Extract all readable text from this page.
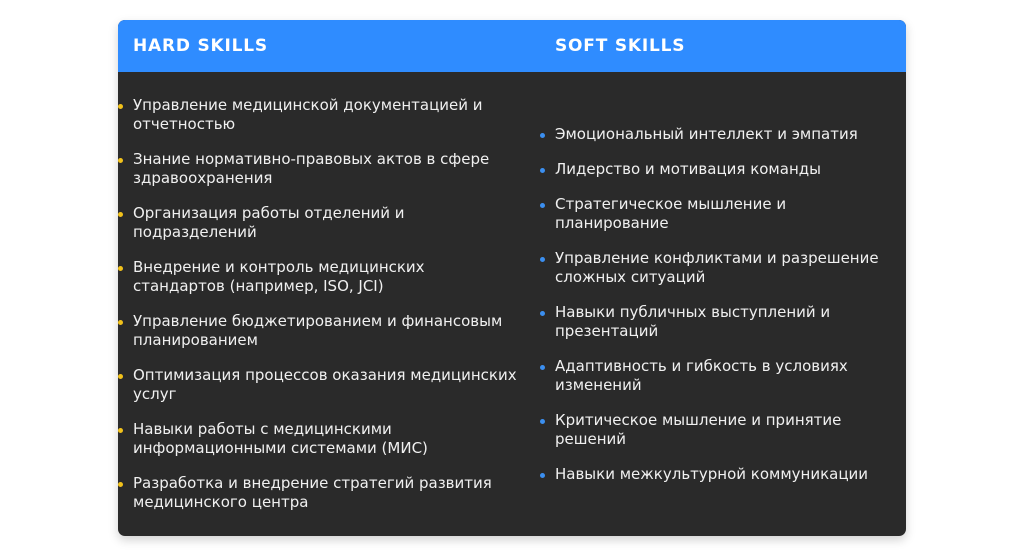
HARD SKILLS	SOFT SKILLS
Управление медицинской документацией и отчетностью
Знание нормативно-правовых актов в сфере здравоохранения
Организация работы отделений и подразделений
Внедрение и контроль медицинских стандартов (например, ISO, JCI)
Управление бюджетированием и финансовым планированием
Оптимизация процессов оказания медицинских услуг
Навыки работы с медицинскими информационными системами (МИС)
Разработка и внедрение стратегий развития медицинского центра
Эмоциональный интеллект и эмпатия
Лидерство и мотивация команды
Стратегическое мышление и планирование
Управление конфликтами и разрешение сложных ситуаций
Навыки публичных выступлений и презентаций
Адаптивность и гибкость в условиях изменений
Критическое мышление и принятие решений
Навыки межкультурной коммуникации
